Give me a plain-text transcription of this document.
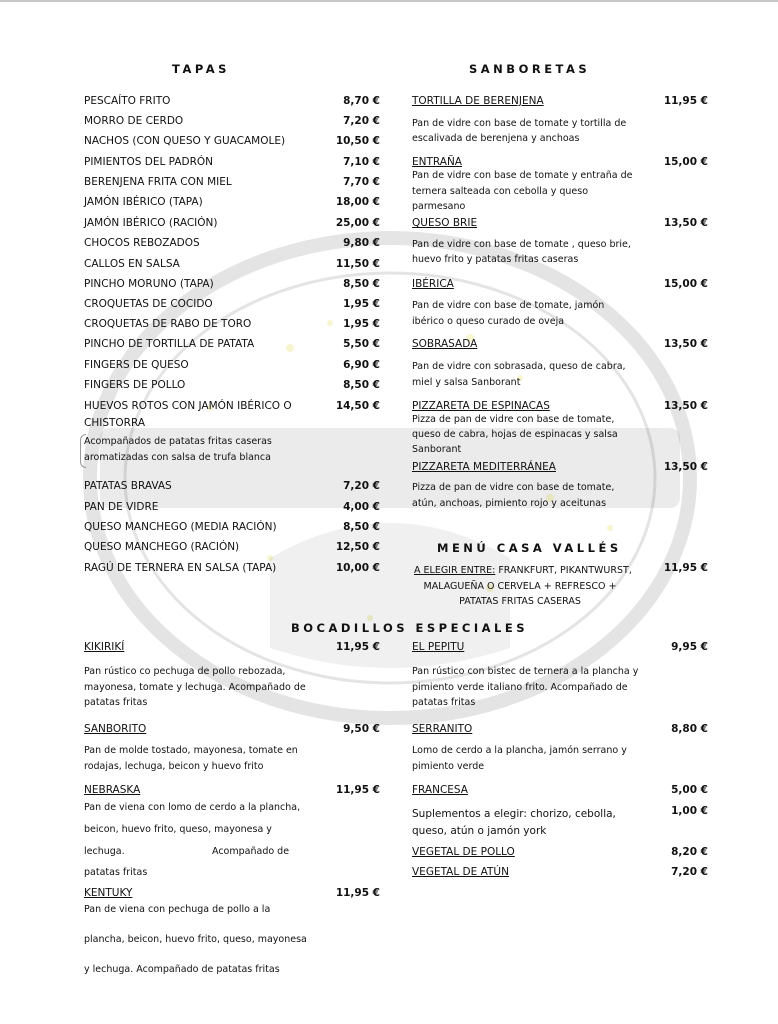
TAPAS
PESCAÍTO FRITO	8,70 €
MORRO DE CERDO	7,20 €
NACHOS (CON QUESO Y GUACAMOLE)	10,50 €
PIMIENTOS DEL PADRÓN	7,10 €
BERENJENA FRITA CON MIEL	7,70 €
JAMÓN IBÉRICO (TAPA)	18,00 €
JAMÓN IBÉRICO (RACIÓN)	25,00 €
CHOCOS REBOZADOS	9,80 €
CALLOS EN SALSA	11,50 €
PINCHO MORUNO (TAPA)	8,50 €
CROQUETAS DE COCIDO	1,95 €
CROQUETAS DE RABO DE TORO	1,95 €
PINCHO DE TORTILLA DE PATATA	5,50 €
FINGERS DE QUESO	6,90 €
FINGERS DE POLLO	8,50 €
HUEVOS ROTOS CON JAMÓN IBÉRICO O	14,50 €
CHISTORRA
Acompañados de patatas fritas caseras
aromatizadas con salsa de trufa blanca
PATATAS BRAVAS	7,20 €
PAN DE VIDRE	4,00 €
QUESO MANCHEGO (MEDIA RACIÓN)	8,50 €
QUESO MANCHEGO (RACIÓN)	12,50 €
RAGÚ DE TERNERA EN SALSA (TAPA)	10,00 €
SANBORETAS
TORTILLA DE BERENJENA	11,95 €
Pan de vidre con base de tomate y tortilla de
escalivada de berenjena y anchoas
ENTRAÑA	15,00 €
Pan de vidre con base de tomate y entraña de
ternera salteada con cebolla y queso
parmesano
QUESO BRIE	13,50 €
Pan de vidre con base de tomate , queso brie,
huevo frito y patatas fritas caseras
IBÉRICA	15,00 €
Pan de vidre con base de tomate, jamón
ibérico o queso curado de oveja
SOBRASADA	13,50 €
Pan de vidre con sobrasada, queso de cabra,
miel y salsa Sanborant
PIZZARETA DE ESPINACAS	13,50 €
Pizza de pan de vidre con base de tomate,
queso de cabra, hojas de espinacas y salsa
Sanborant
PIZZARETA MEDITERRÁNEA	13,50 €
Pizza de pan de vidre con base de tomate,
atún, anchoas, pimiento rojo y aceitunas
MENÚ CASA VALLÉS
A ELEGIR ENTRE: FRANKFURT, PIKANTWURST,	11,95 €
MALAGUEÑA O CERVELA + REFRESCO +
PATATAS FRITAS CASERAS
BOCADILLOS ESPECIALES
KIKIRIKÍ	11,95 €
Pan rústico co pechuga de pollo rebozada,
mayonesa, tomate y lechuga. Acompañado de
patatas fritas
SANBORITO	9,50 €
Pan de molde tostado, mayonesa, tomate en
rodajas, lechuga, beicon y huevo frito
NEBRASKA	11,95 €
Pan de viena con lomo de cerdo a la plancha,
beicon, huevo frito, queso, mayonesa y
lechuga.	Acompañado de
patatas fritas
KENTUKY	11,95 €
Pan de viena con pechuga de pollo a la
plancha, beicon, huevo frito, queso, mayonesa
y lechuga. Acompañado de patatas fritas
EL PEPITU	9,95 €
Pan rústico con bistec de ternera a la plancha y
pimiento verde italiano frito. Acompañado de
patatas fritas
SERRANITO	8,80 €
Lomo de cerdo a la plancha, jamón serrano y
pimiento verde
FRANCESA	5,00 €
Suplementos a elegir: chorizo, cebolla,	1,00 €
queso, atún o jamón york
VEGETAL DE POLLO	8,20 €
VEGETAL DE ATÚN	7,20 €
